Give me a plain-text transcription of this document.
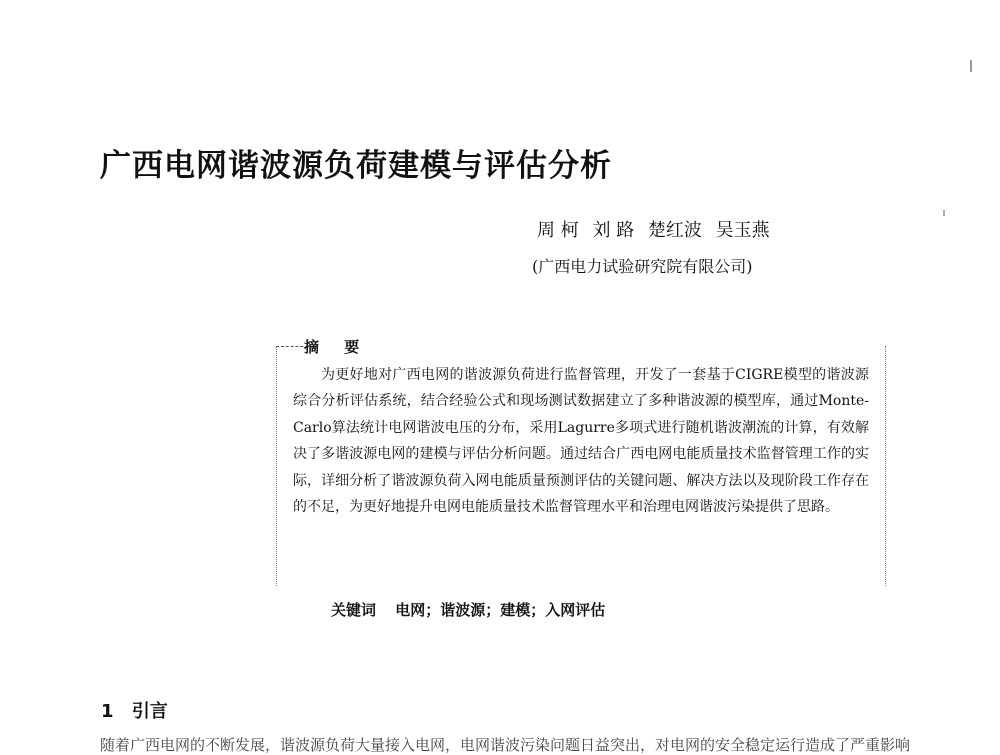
广西电网谐波源负荷建模与评估分析
周 柯 刘 路 楚红波 吴玉燕
(广西电力试验研究院有限公司)
摘 要

为更好地对广西电网的谐波源负荷进行监督管理，开发了一套基于CIGRE模型的谐波源综合分析评估系统，结合经验公式和现场测试数据建立了多种谐波源的模型库，通过Monte-Carlo算法统计电网谐波电压的分布，采用Lagurre多项式进行随机谐波潮流的计算，有效解决了多谐波源电网的建模与评估分析问题。通过结合广西电网电能质量技术监督管理工作的实际，详细分析了谐波源负荷入网电能质量预测评估的关键问题、解决方法以及现阶段工作存在的不足，为更好地提升电网电能质量技术监督管理水平和治理电网谐波污染提供了思路。

关键词 电网；谐波源；建模；入网评估
1 引言
随着广西电网的不断发展，谐波源负荷大量接入电网，电网谐波污染问题日益突出，对电网的安全稳定运行造成了严重影响
